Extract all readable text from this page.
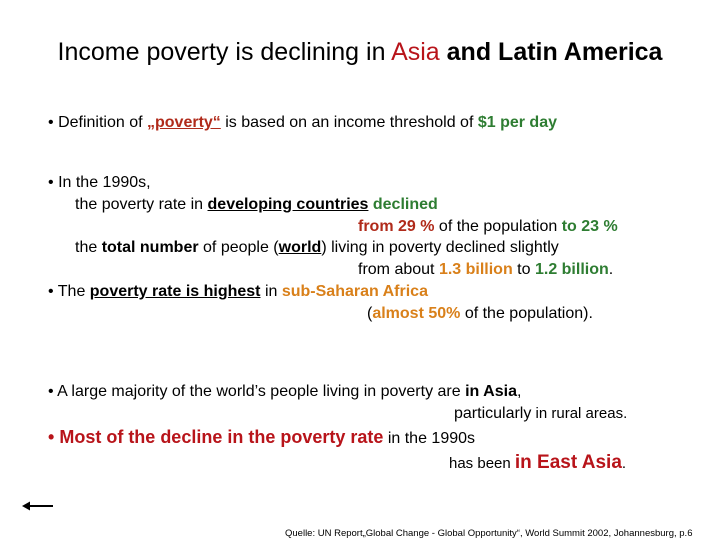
Income poverty is declining in Asia and Latin America
• Definition of „poverty“ is based on an income threshold of $1 per day
• In the 1990s,
the poverty rate in developing countries declined
from 29 % of the population to 23 %
the total number of people (world) living in poverty declined slightly
from about 1.3 billion to 1.2 billion.
• The poverty rate is highest in sub-Saharan Africa
(almost 50% of the population).
• A large majority of the world’s people living in poverty are in Asia,
particularly in rural areas.
• Most of the decline in the poverty rate in the 1990s
has been in East Asia.
Quelle: UN Report„Global Change - Global Opportunity“, World Summit 2002, Johannesburg, p.6
